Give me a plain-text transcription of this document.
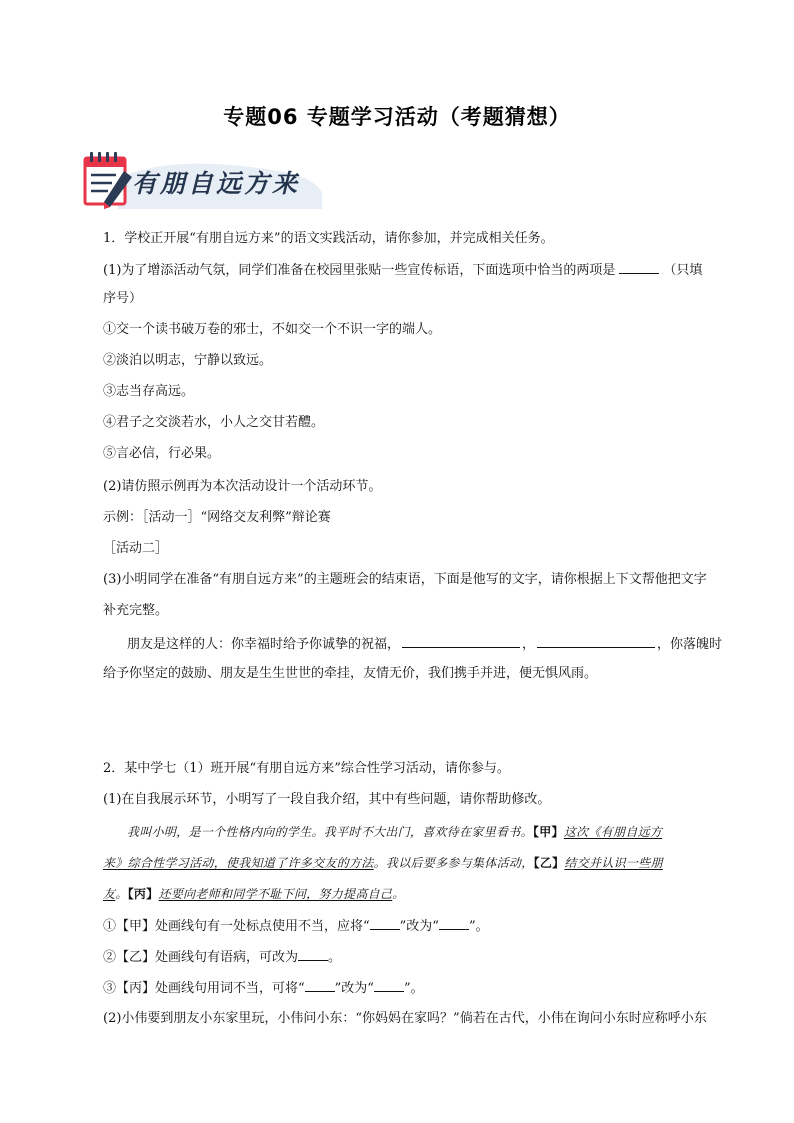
专题06 专题学习活动（考题猜想）
有朋自远方来
1．学校正开展“有朋自远方来”的语文实践活动，请你参加，并完成相关任务。
(1)为了增添活动气氛，同学们准备在校园里张贴一些宣传标语，下面选项中恰当的两项是	（只填
序号）
①交一个读书破万卷的邪士，不如交一个不识一字的端人。
②淡泊以明志，宁静以致远。
③志当存高远。
④君子之交淡若水，小人之交甘若醴。
⑤言必信，行必果。
(2)请仿照示例再为本次活动设计一个活动环节。
示例：［活动一］“网络交友利弊”辩论赛
［活动二］
(3)小明同学在准备“有朋自远方来”的主题班会的结束语，下面是他写的文字，请你根据上下文帮他把文字
补充完整。
朋友是这样的人：你幸福时给予你诚挚的祝福，	，	，你落魄时
给予你坚定的鼓励、朋友是生生世世的牵挂，友情无价，我们携手并进，便无惧风雨。
2．某中学七（1）班开展“有朋自远方来”综合性学习活动，请你参与。
(1)在自我展示环节，小明写了一段自我介绍，其中有些问题，请你帮助修改。
我叫小明，是一个性格内向的学生。我平时不大出门，喜欢待在家里看书。【甲】这次《有朋自远方
来》综合性学习活动，使我知道了许多交友的方法。我以后要多参与集体活动，【乙】结交并认识一些朋
友。【丙】还要向老师和同学不耻下问，努力提高自己。
①【甲】处画线句有一处标点使用不当，应将“ ”改为“ ”。
②【乙】处画线句有语病，可改为 。
③【丙】处画线句用词不当，可将“ ”改为“ ”。
(2)小伟要到朋友小东家里玩，小伟问小东：“你妈妈在家吗？”倘若在古代，小伟在询问小东时应称呼小东
